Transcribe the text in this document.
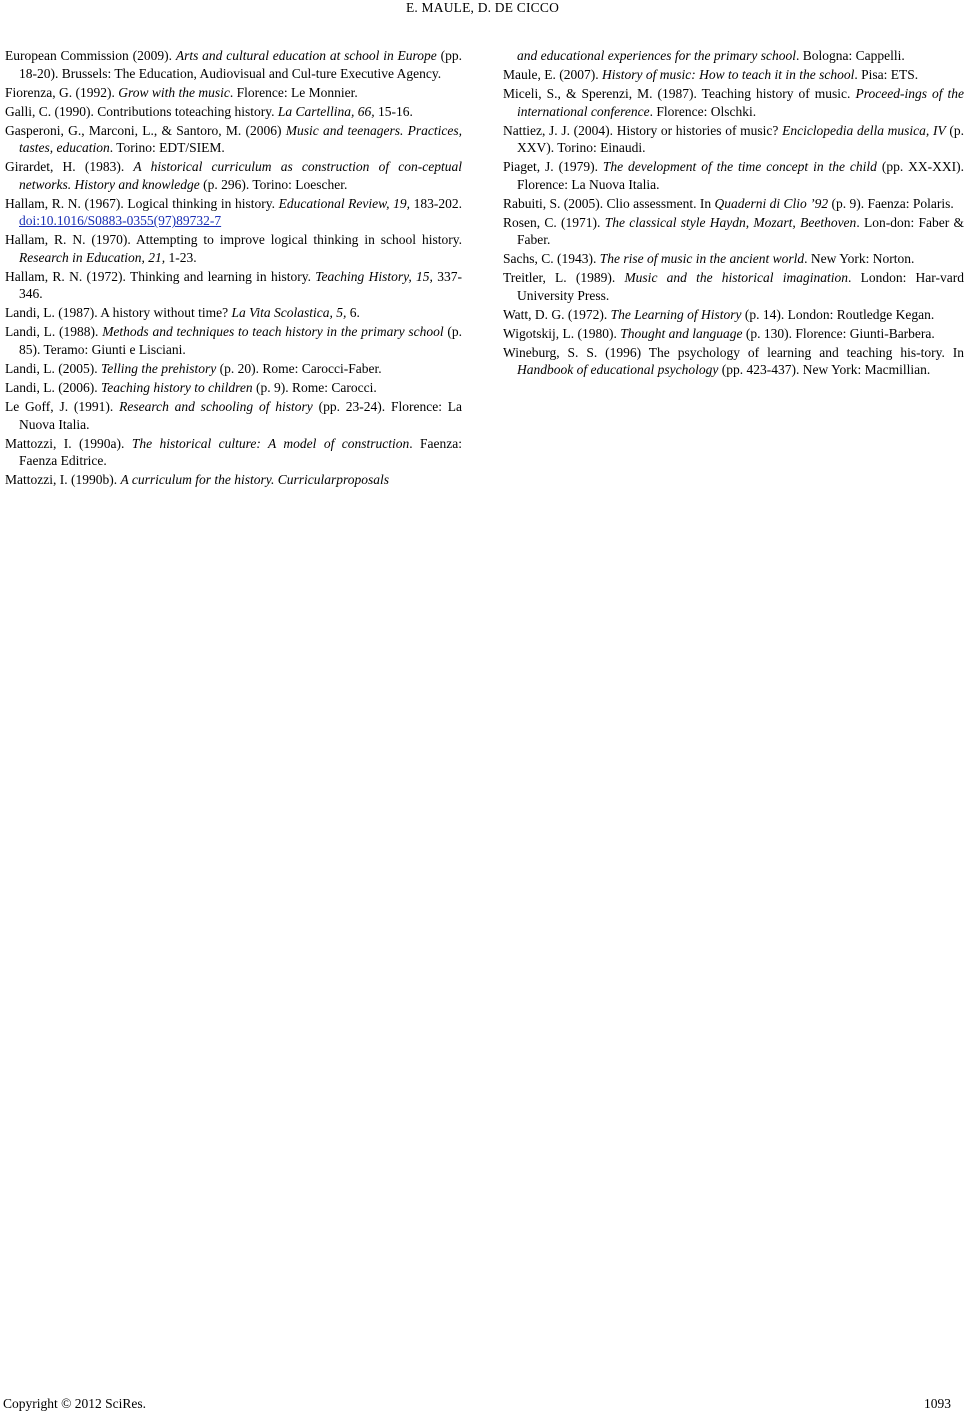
E. MAULE, D. DE CICCO

European Commission (2009). Arts and cultural education at school in Europe (pp. 18-20). Brussels: The Education, Audiovisual and Cul-ture Executive Agency.

Fiorenza, G. (1992). Grow with the music. Florence: Le Monnier.

Galli, C. (1990). Contributions toteaching history. La Cartellina, 66, 15-16.

Gasperoni, G., Marconi, L., & Santoro, M. (2006) Music and teenagers. Practices, tastes, education. Torino: EDT/SIEM.

Girardet, H. (1983). A historical curriculum as construction of con-ceptual networks. History and knowledge (p. 296). Torino: Loescher.

Hallam, R. N. (1967). Logical thinking in history. Educational Review, 19, 183-202. doi:10.1016/S0883-0355(97)89732-7

Hallam, R. N. (1970). Attempting to improve logical thinking in school history. Research in Education, 21, 1-23.

Hallam, R. N. (1972). Thinking and learning in history. Teaching History, 15, 337-346.

Landi, L. (1987). A history without time? La Vita Scolastica, 5, 6.

Landi, L. (1988). Methods and techniques to teach history in the primary school (p. 85). Teramo: Giunti e Lisciani.

Landi, L. (2005). Telling the prehistory (p. 20). Rome: Carocci-Faber.

Landi, L. (2006). Teaching history to children (p. 9). Rome: Carocci.

Le Goff, J. (1991). Research and schooling of history (pp. 23-24). Florence: La Nuova Italia.

Mattozzi, I. (1990a). The historical culture: A model of construction. Faenza: Faenza Editrice.

Mattozzi, I. (1990b). A curriculum for the history. Curricularproposals

and educational experiences for the primary school. Bologna: Cappelli.

Maule, E. (2007). History of music: How to teach it in the school. Pisa: ETS.

Miceli, S., & Sperenzi, M. (1987). Teaching history of music. Proceed-ings of the international conference. Florence: Olschki.

Nattiez, J. J. (2004). History or histories of music? Enciclopedia della musica, IV (p. XXV). Torino: Einaudi.

Piaget, J. (1979). The development of the time concept in the child (pp. XX-XXI). Florence: La Nuova Italia.

Rabuiti, S. (2005). Clio assessment. In Quaderni di Clio ’92 (p. 9). Faenza: Polaris.

Rosen, C. (1971). The classical style Haydn, Mozart, Beethoven. Lon-don: Faber & Faber.

Sachs, C. (1943). The rise of music in the ancient world. New York: Norton.

Treitler, L. (1989). Music and the historical imagination. London: Har-vard University Press.

Watt, D. G. (1972). The Learning of History (p. 14). London: Routledge Kegan.

Wigotskij, L. (1980). Thought and language (p. 130). Florence: Giunti-Barbera.

Wineburg, S. S. (1996) The psychology of learning and teaching his-tory. In Handbook of educational psychology (pp. 423-437). New York: Macmillian.

Copyright © 2012 SciRes.	1093
